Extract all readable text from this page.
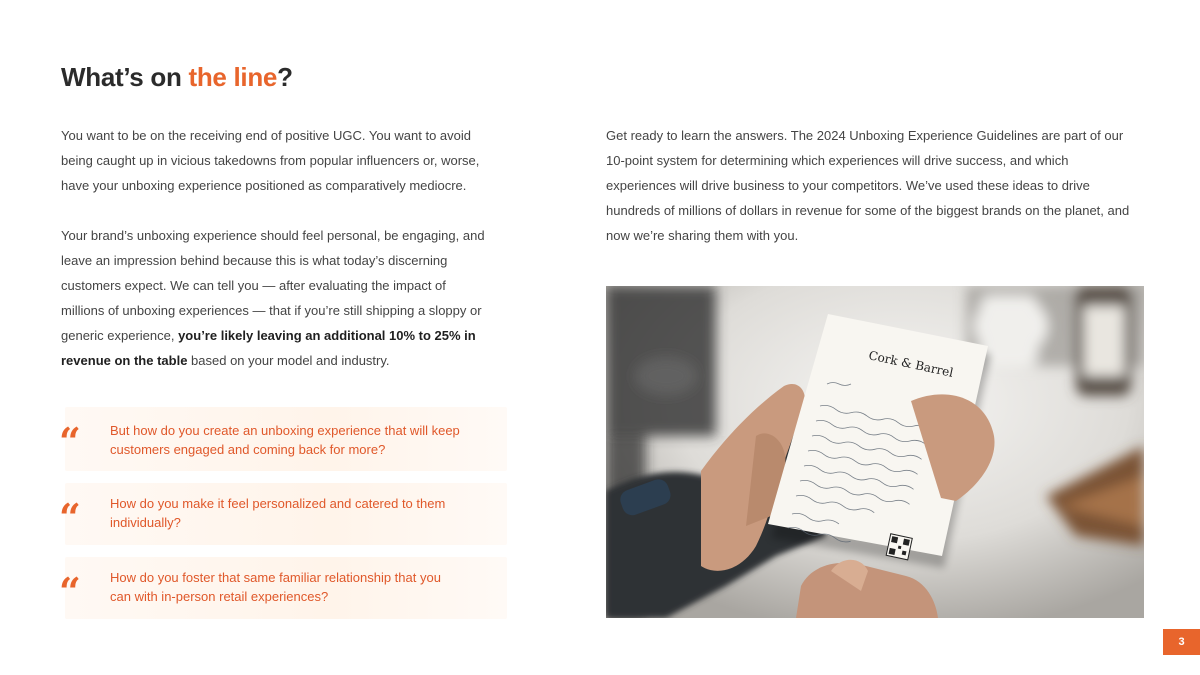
What’s on the line?

You want to be on the receiving end of positive UGC. You want to avoid being caught up in vicious takedowns from popular influencers or, worse, have your unboxing experience positioned as comparatively mediocre.

Your brand’s unboxing experience should feel personal, be engaging, and leave an impression behind because this is what today’s discerning customers expect. We can tell you — after evaluating the impact of millions of unboxing experiences — that if you’re still shipping a sloppy or generic experience, you’re likely leaving an additional 10% to 25% in revenue on the table based on your model and industry.

“ But how do you create an unboxing experience that will keep customers engaged and coming back for more?
“ How do you make it feel personalized and catered to them individually?
“ How do you foster that same familiar relationship that you can with in-person retail experiences?

Get ready to learn the answers. The 2024 Unboxing Experience Guidelines are part of our 10-point system for determining which experiences will drive success, and which experiences will drive business to your competitors. We’ve used these ideas to drive hundreds of millions of dollars in revenue for some of the biggest brands on the planet, and now we’re sharing them with you.

Cork & Barrel
3
